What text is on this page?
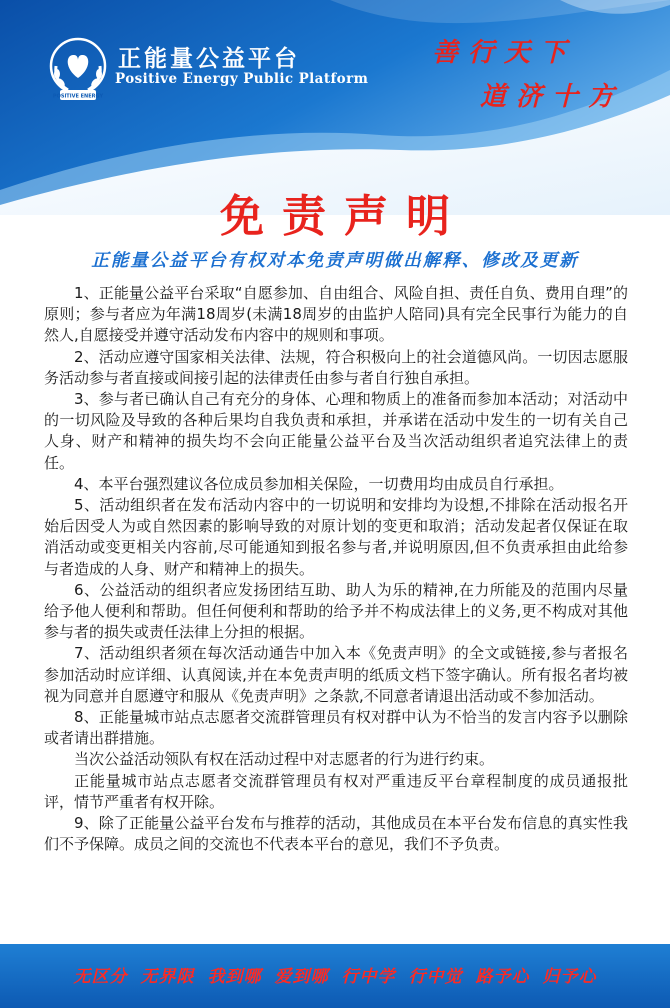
POSITIVE ENERGY
正能量公益平台
Positive Energy Public Platform
善行天下
道济十方
免责声明
正能量公益平台有权对本免责声明做出解释、修改及更新

1、正能量公益平台采取“自愿参加、自由组合、风险自担、责任自负、费用自理”的原则；参与者应为年满18周岁(未满18周岁的由监护人陪同)具有完全民事行为能力的自然人,自愿接受并遵守活动发布内容中的规则和事项。

2、活动应遵守国家相关法律、法规，符合积极向上的社会道德风尚。一切因志愿服务活动参与者直接或间接引起的法律责任由参与者自行独自承担。

3、参与者已确认自己有充分的身体、心理和物质上的准备而参加本活动；对活动中的一切风险及导致的各种后果均自我负责和承担，并承诺在活动中发生的一切有关自己人身、财产和精神的损失均不会向正能量公益平台及当次活动组织者追究法律上的责任。

4、本平台强烈建议各位成员参加相关保险，一切费用均由成员自行承担。

5、活动组织者在发布活动内容中的一切说明和安排均为设想,不排除在活动报名开始后因受人为或自然因素的影响导致的对原计划的变更和取消；活动发起者仅保证在取消活动或变更相关内容前,尽可能通知到报名参与者,并说明原因,但不负责承担由此给参与者造成的人身、财产和精神上的损失。

6、公益活动的组织者应发扬团结互助、助人为乐的精神,在力所能及的范围内尽量给予他人便利和帮助。但任何便利和帮助的给予并不构成法律上的义务,更不构成对其他参与者的损失或责任法律上分担的根据。

7、活动组织者须在每次活动通告中加入本《免责声明》的全文或链接,参与者报名参加活动时应详细、认真阅读,并在本免责声明的纸质文档下签字确认。所有报名者均被视为同意并自愿遵守和服从《免责声明》之条款,不同意者请退出活动或不参加活动。

8、正能量城市站点志愿者交流群管理员有权对群中认为不恰当的发言内容予以删除或者请出群措施。

当次公益活动领队有权在活动过程中对志愿者的行为进行约束。

正能量城市站点志愿者交流群管理员有权对严重违反平台章程制度的成员通报批评，情节严重者有权开除。

9、除了正能量公益平台发布与推荐的活动，其他成员在本平台发布信息的真实性我们不予保障。成员之间的交流也不代表本平台的意见，我们不予负责。

无区分 无界限 我到哪 爱到哪 行中学 行中觉 路予心 归予心
